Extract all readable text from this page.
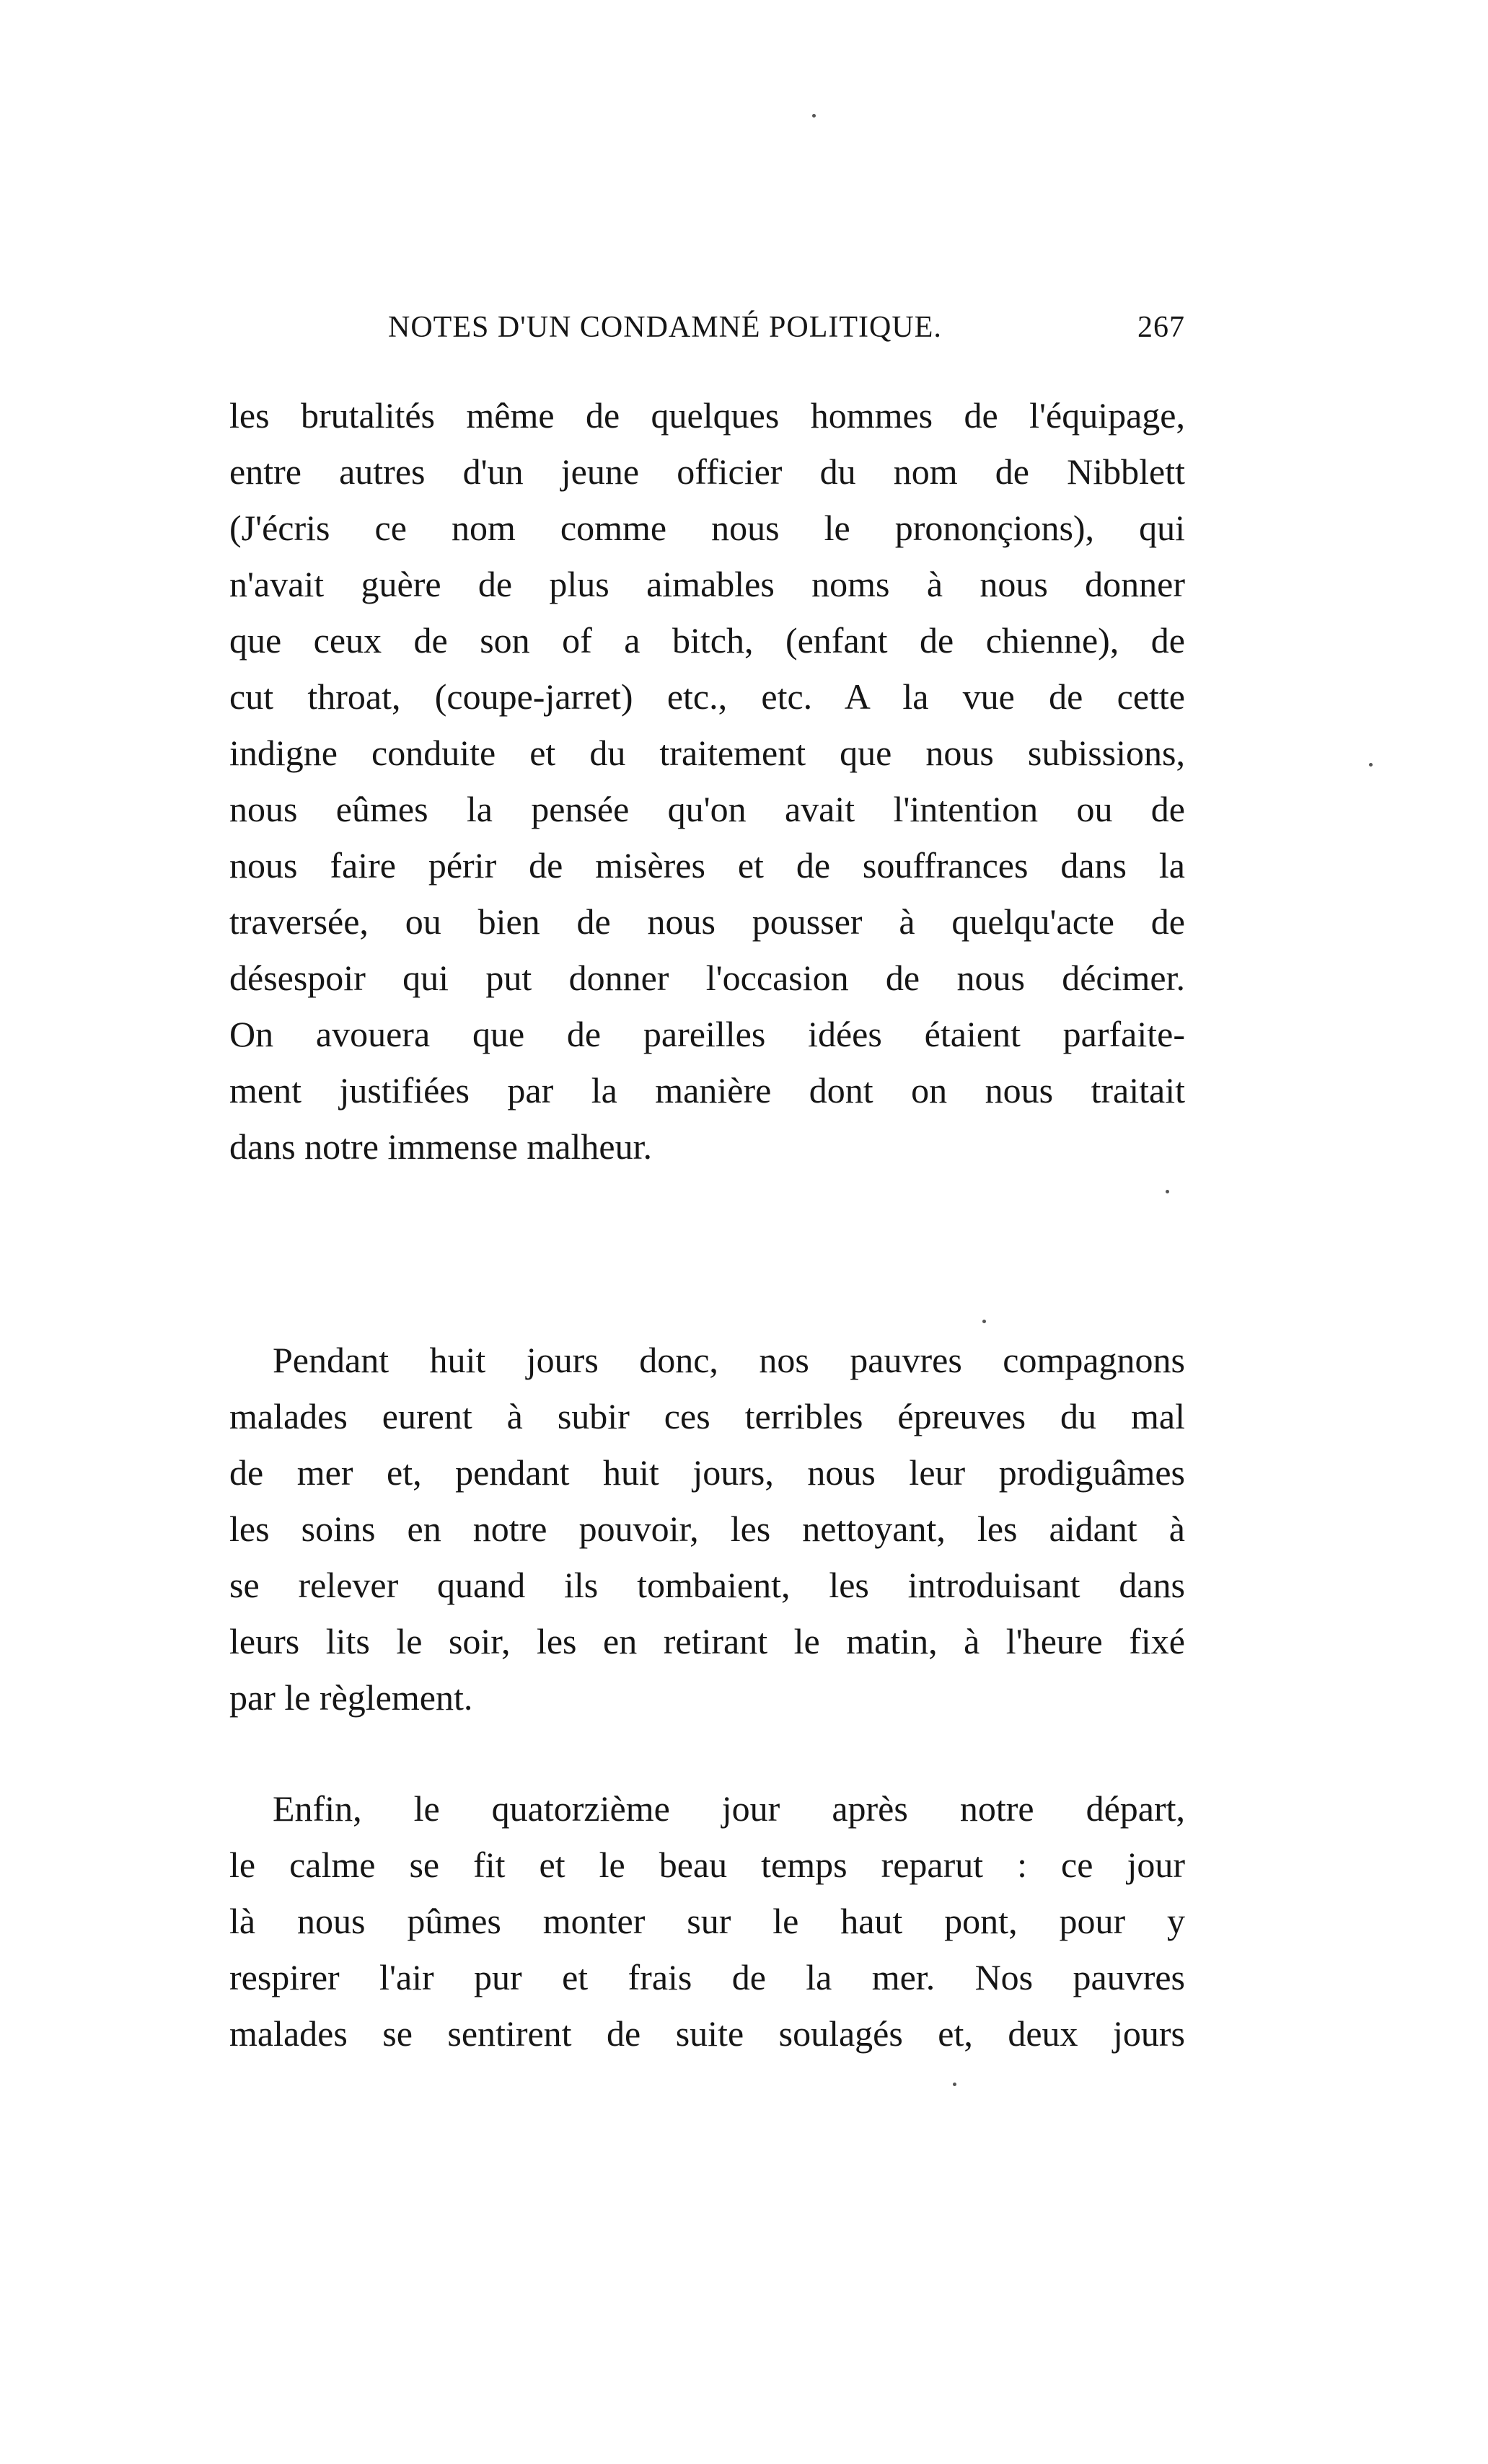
NOTES D'UN CONDAMNÉ POLITIQUE.	267
les brutalités même de quelques hommes de l'équipage,
entre autres d'un jeune officier du nom de Nibblett
(J'écris ce nom comme nous le prononçions), qui
n'avait guère de plus aimables noms à nous donner
que ceux de son of a bitch, (enfant de chienne), de
cut throat, (coupe-jarret) etc., etc. A la vue de cette
indigne conduite et du traitement que nous subissions,
nous eûmes la pensée qu'on avait l'intention ou de
nous faire périr de misères et de souffrances dans la
traversée, ou bien de nous pousser à quelqu'acte de
désespoir qui put donner l'occasion de nous décimer.
On avouera que de pareilles idées étaient parfaite-
ment justifiées par la manière dont on nous traitait
dans notre immense malheur.
Pendant huit jours donc, nos pauvres compagnons
malades eurent à subir ces terribles épreuves du mal
de mer et, pendant huit jours, nous leur prodiguâmes
les soins en notre pouvoir, les nettoyant, les aidant à
se relever quand ils tombaient, les introduisant dans
leurs lits le soir, les en retirant le matin, à l'heure fixé
par le règlement.
Enfin, le quatorzième jour après notre départ,
le calme se fit et le beau temps reparut : ce jour
là nous pûmes monter sur le haut pont, pour y
respirer l'air pur et frais de la mer. Nos pauvres
malades se sentirent de suite soulagés et, deux jours
